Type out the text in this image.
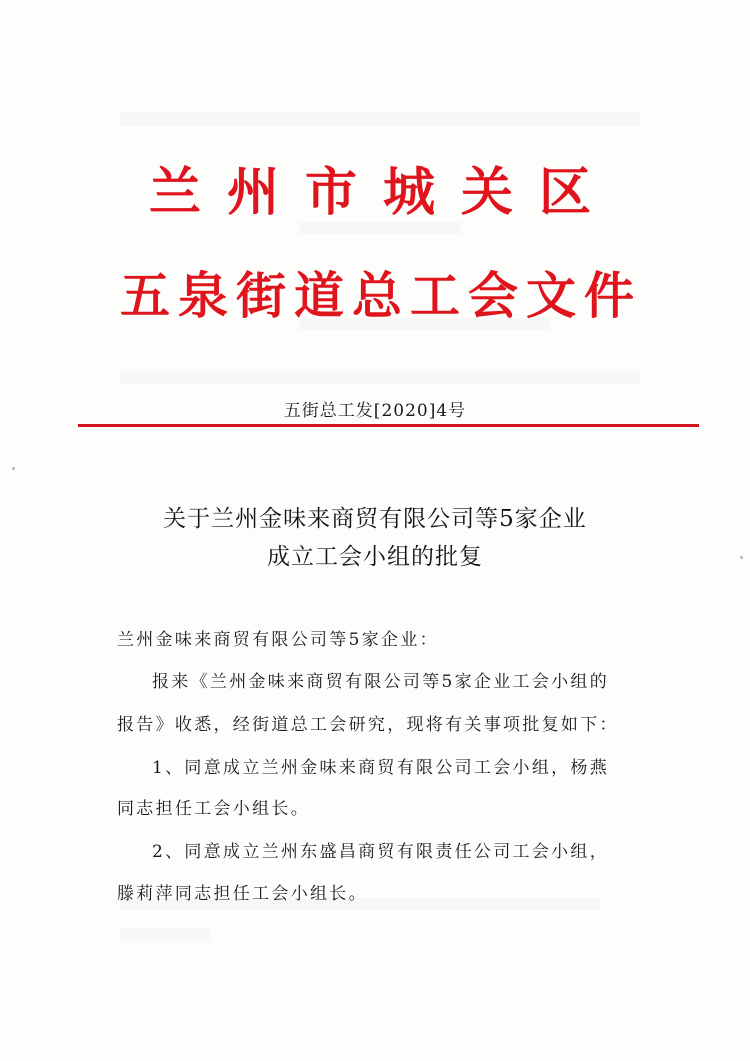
兰州市城关区
五泉街道总工会文件
五街总工发[2020]4号
关于兰州金味来商贸有限公司等5家企业
成立工会小组的批复
兰州金味来商贸有限公司等5家企业：
报来《兰州金味来商贸有限公司等5家企业工会小组的
报告》收悉，经街道总工会研究，现将有关事项批复如下：
1、同意成立兰州金味来商贸有限公司工会小组，杨燕
同志担任工会小组长。
2、同意成立兰州东盛昌商贸有限责任公司工会小组，
滕莉萍同志担任工会小组长。
